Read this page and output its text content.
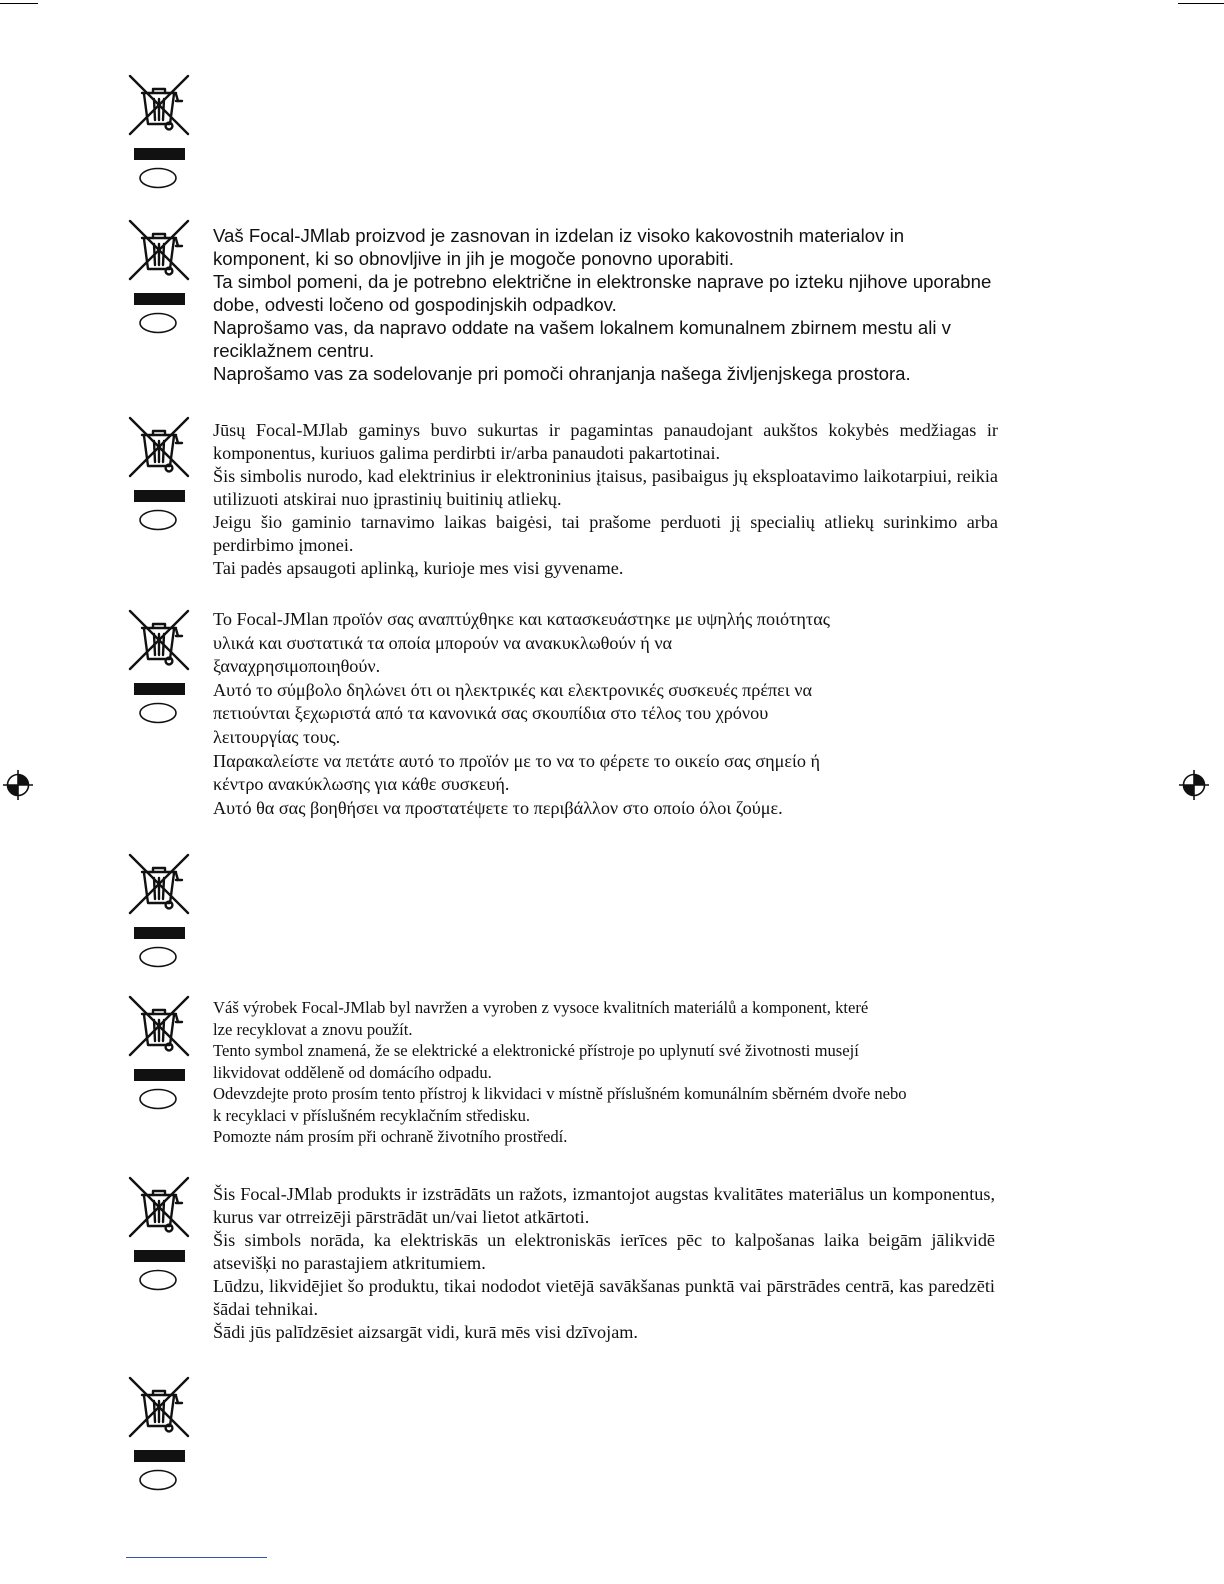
Vaš Focal-JMlab proizvod je zasnovan in izdelan iz visoko kakovostnih materialov in komponent, ki so obnovljive in jih je mogoče ponovno uporabiti.

Ta simbol pomeni, da je potrebno električne in elektronske naprave po izteku njihove uporabne dobe, odvesti ločeno od gospodinjskih odpadkov.

Naprošamo vas, da napravo oddate na vašem lokalnem komunalnem zbirnem mestu ali v reciklažnem centru.

Naprošamo vas za sodelovanje pri pomoči ohranjanja našega življenjskega prostora.

Jūsų Focal-MJlab gaminys buvo sukurtas ir pagamintas panaudojant aukštos kokybės medžiagas ir komponentus, kuriuos galima perdirbti ir/arba panaudoti pakartotinai.

Šis simbolis nurodo, kad elektrinius ir elektroninius įtaisus, pasibaigus jų eksploatavimo laikotarpiui, reikia utilizuoti atskirai nuo įprastinių buitinių atliekų.

Jeigu šio gaminio tarnavimo laikas baigėsi, tai prašome perduoti jį specialių atliekų surinkimo arba perdirbimo įmonei.

Tai padės apsaugoti aplinką, kurioje mes visi gyvename.

Το Focal-JMlan προϊόν σας αναπτύχθηκε και κατασκευάστηκε με υψηλής ποιότητας

υλικά και συστατικά τα οποία μπορούν να ανακυκλωθούν ή να

ξαναχρησιμοποιηθούν.

Αυτό το σύμβολο δηλώνει ότι οι ηλεκτρικές και ελεκτρονικές συσκευές πρέπει να

πετιούνται ξεχωριστά από τα κανονικά σας σκουπίδια στο τέλος του χρόνου

λειτουργίας τους.

Παρακαλείστε να πετάτε αυτό το προϊόν με το να το φέρετε το οικείο σας σημείο ή

κέντρο ανακύκλωσης για κάθε συσκευή.

Αυτό θα σας βοηθήσει να προστατέψετε το περιβάλλον στο οποίο όλοι ζούμε.

Váš výrobek Focal-JMlab byl navržen a vyroben z vysoce kvalitních materiálů a komponent, které

lze recyklovat a znovu použít.

Tento symbol znamená, že se elektrické a elektronické přístroje po uplynutí své životnosti musejí

likvidovat odděleně od domácího odpadu.

Odevzdejte proto prosím tento přístroj k likvidaci v místně příslušném komunálním sběrném dvoře nebo

k recyklaci v příslušném recyklačním středisku.

Pomozte nám prosím při ochraně životního prostředí.

Šis Focal-JMlab produkts ir izstrādāts un ražots, izmantojot augstas kvalitātes materiālus un komponentus, kurus var otrreizēji pārstrādāt un/vai lietot atkārtoti.

Šis simbols norāda, ka elektriskās un elektroniskās ierīces pēc to kalpošanas laika beigām jālikvidē atsevišķi no parastajiem atkritumiem.

Lūdzu, likvidējiet šo produktu, tikai nododot vietējā savākšanas punktā vai pārstrādes centrā, kas paredzēti šādai tehnikai.

Šādi jūs palīdzēsiet aizsargāt vidi, kurā mēs visi dzīvojam.
